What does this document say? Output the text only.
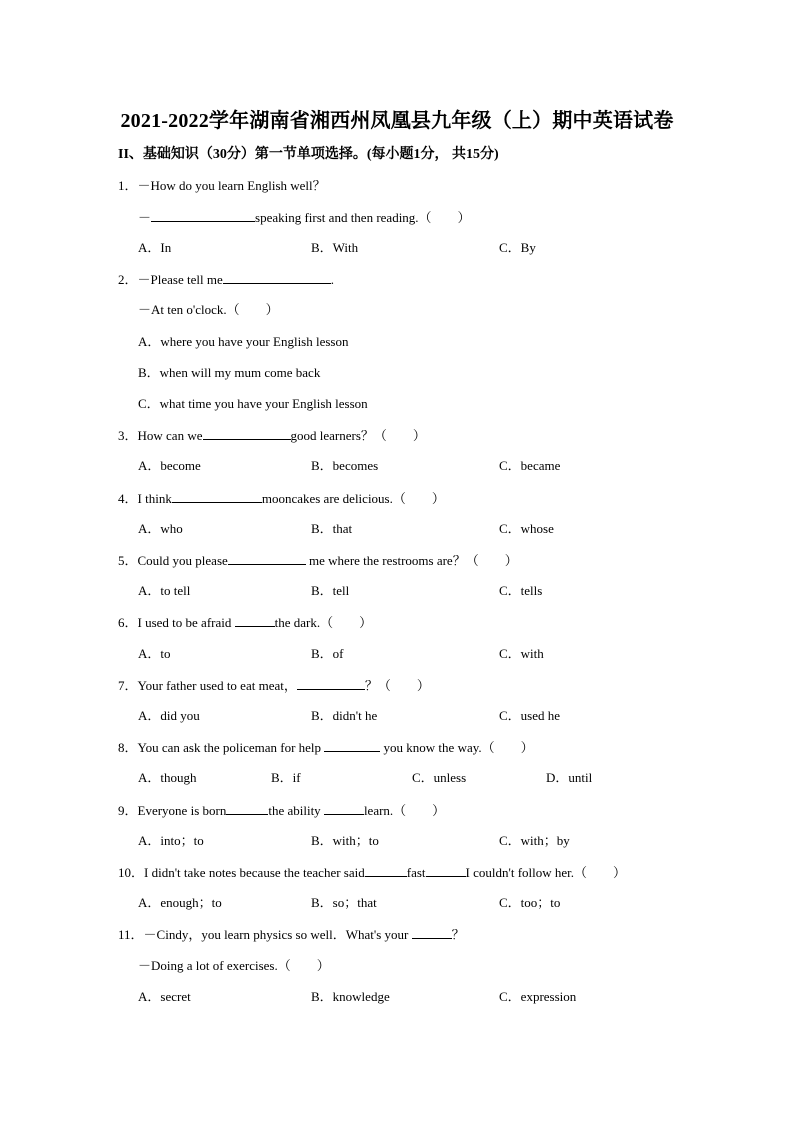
2021-2022学年湖南省湘西州凤凰县九年级（上）期中英语试卷
II、基础知识（30分）第一节单项选择。(每小题1分， 共15分)
1．－How do you learn English well？
－	speaking first and then reading.（　　）
A．In	B．With	C．By
2．－Please tell me	.
－At ten o'clock.（　　）
A．where you have your English lesson
B．when will my mum come back
C．what time you have your English lesson
3．How can we	good learners？（　　）
A．become	B．becomes	C．became
4．I think	mooncakes are delicious.（　　）
A．who	B．that	C．whose
5．Could you please	me where the restrooms are？（　　）
A．to tell	B．tell	C．tells
6．I used to be afraid	the dark.（　　）
A．to	B．of	C．with
7．Your father used to eat meat，	？（　　）
A．did you	B．didn't he	C．used he
8．You can ask the policeman for help	you know the way.（　　）
A．though	B．if	C．unless	D．until
9．Everyone is born	the ability	learn.（　　）
A．into；to	B．with；to	C．with；by
10．I didn't take notes because the teacher said	fast	I couldn't follow her.（　　）
A．enough；to	B．so；that	C．too；to
11．－Cindy，you learn physics so well．What's your	？
－Doing a lot of exercises.（　　）
A．secret	B．knowledge	C．expression
